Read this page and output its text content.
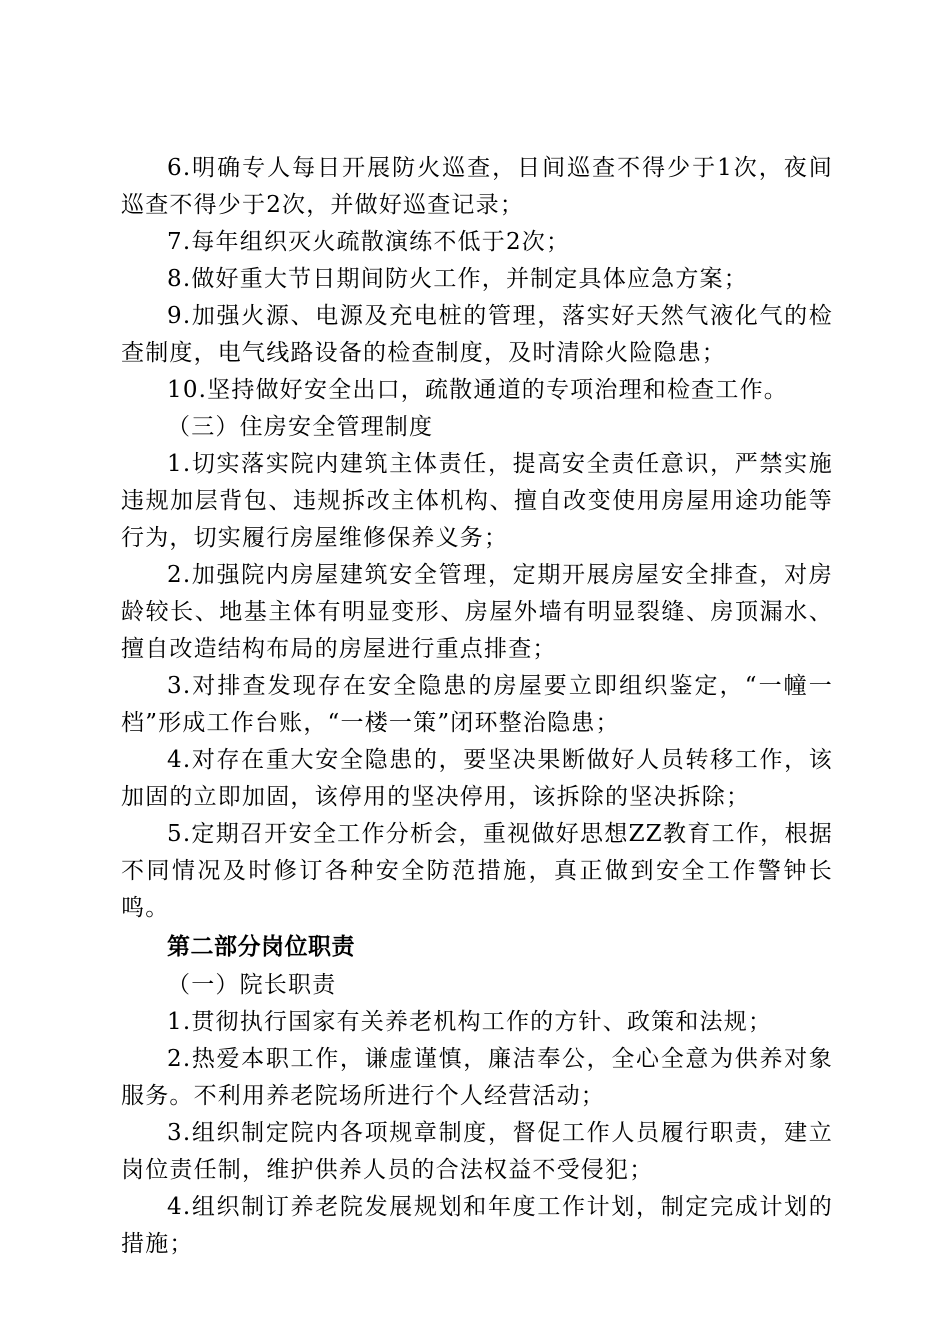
6.明确专人每日开展防火巡查，日间巡查不得少于1次，夜间巡查不得少于2次，并做好巡查记录；

7.每年组织灭火疏散演练不低于2次；

8.做好重大节日期间防火工作，并制定具体应急方案；

9.加强火源、电源及充电桩的管理，落实好天然气液化气的检查制度，电气线路设备的检查制度，及时清除火险隐患；

10.坚持做好安全出口，疏散通道的专项治理和检查工作。

（三）住房安全管理制度

1.切实落实院内建筑主体责任，提高安全责任意识，严禁实施违规加层背包、违规拆改主体机构、擅自改变使用房屋用途功能等行为，切实履行房屋维修保养义务；

2.加强院内房屋建筑安全管理，定期开展房屋安全排查，对房龄较长、地基主体有明显变形、房屋外墙有明显裂缝、房顶漏水、擅自改造结构布局的房屋进行重点排查；

3.对排查发现存在安全隐患的房屋要立即组织鉴定，“一幢一档”形成工作台账，“一楼一策”闭环整治隐患；

4.对存在重大安全隐患的，要坚决果断做好人员转移工作，该加固的立即加固，该停用的坚决停用，该拆除的坚决拆除；

5.定期召开安全工作分析会，重视做好思想ZZ教育工作，根据不同情况及时修订各种安全防范措施，真正做到安全工作警钟长鸣。

第二部分岗位职责

（一）院长职责

1.贯彻执行国家有关养老机构工作的方针、政策和法规；

2.热爱本职工作，谦虚谨慎，廉洁奉公，全心全意为供养对象服务。不利用养老院场所进行个人经营活动；

3.组织制定院内各项规章制度，督促工作人员履行职责，建立岗位责任制，维护供养人员的合法权益不受侵犯；

4.组织制订养老院发展规划和年度工作计划，制定完成计划的措施；
